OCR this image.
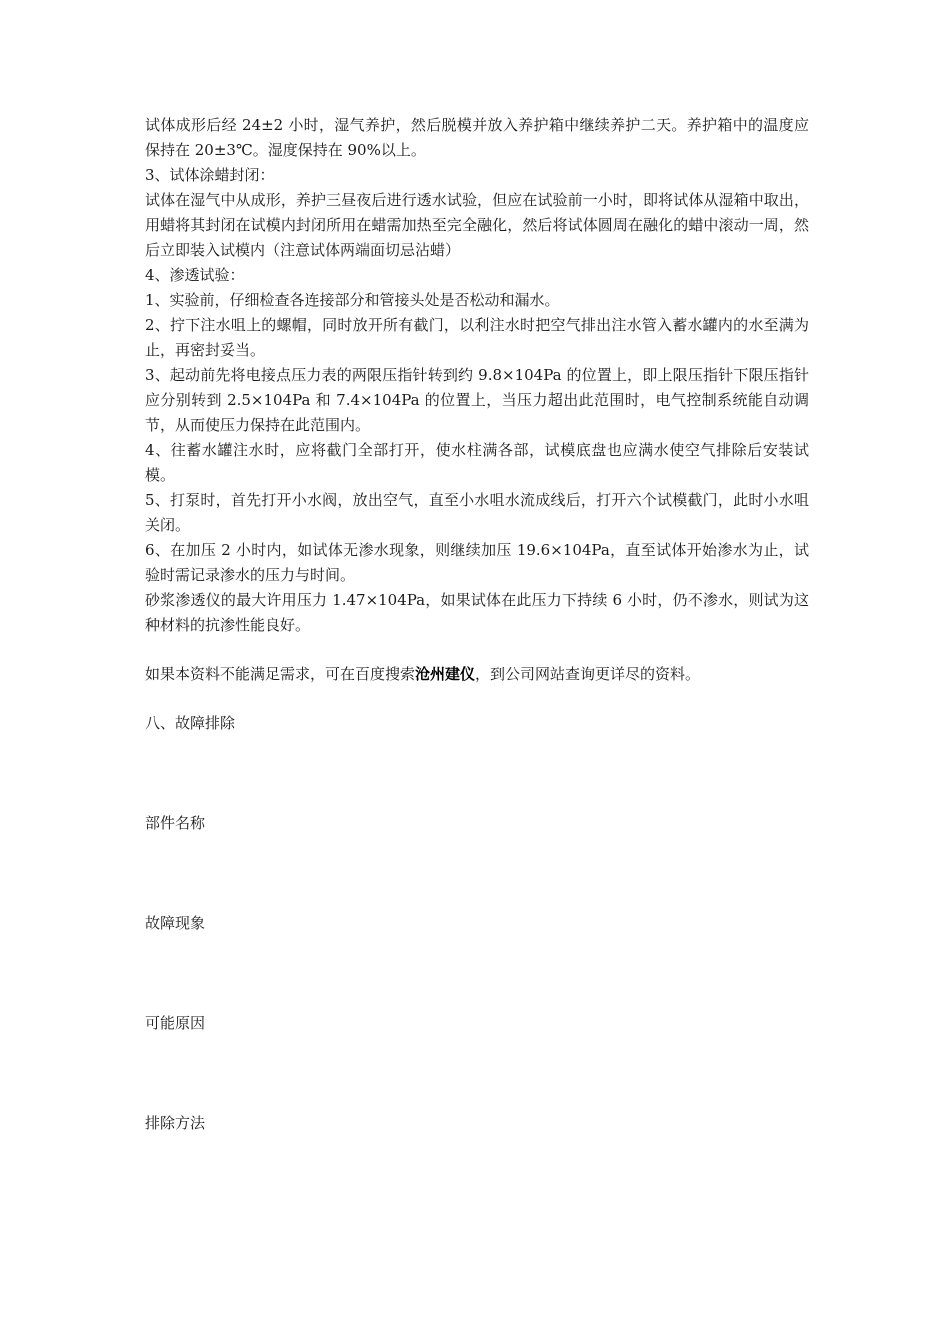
试体成形后经 24±2 小时，湿气养护，然后脱模并放入养护箱中继续养护二天。养护箱中的温度应保持在 20±3℃。湿度保持在 90%以上。

3、试体涂蜡封闭：

试体在湿气中从成形，养护三昼夜后进行透水试验，但应在试验前一小时，即将试体从湿箱中取出，用蜡将其封闭在试模内封闭所用在蜡需加热至完全融化，然后将试体圆周在融化的蜡中滚动一周，然后立即装入试模内（注意试体两端面切忌沾蜡）

4、渗透试验：

1、实验前，仔细检查各连接部分和管接头处是否松动和漏水。

2、拧下注水咀上的螺帽，同时放开所有截门，以利注水时把空气排出注水管入蓄水罐内的水至满为止，再密封妥当。

3、起动前先将电接点压力表的两限压指针转到约 9.8×104Pa 的位置上，即上限压指针下限压指针应分别转到 2.5×104Pa 和 7.4×104Pa 的位置上，当压力超出此范围时，电气控制系统能自动调节，从而使压力保持在此范围内。

4、往蓄水罐注水时，应将截门全部打开，使水柱满各部，试模底盘也应满水使空气排除后安装试模。

5、打泵时，首先打开小水阀，放出空气，直至小水咀水流成线后，打开六个试模截门，此时小水咀关闭。

6、在加压 2 小时内，如试体无渗水现象，则继续加压 19.6×104Pa，直至试体开始渗水为止，试验时需记录渗水的压力与时间。

砂浆渗透仪的最大许用压力 1.47×104Pa，如果试体在此压力下持续 6 小时，仍不渗水，则试为这种材料的抗渗性能良好。

如果本资料不能满足需求，可在百度搜索沧州建仪，到公司网站查询更详尽的资料。

八、故障排除

部件名称

故障现象

可能原因

排除方法
